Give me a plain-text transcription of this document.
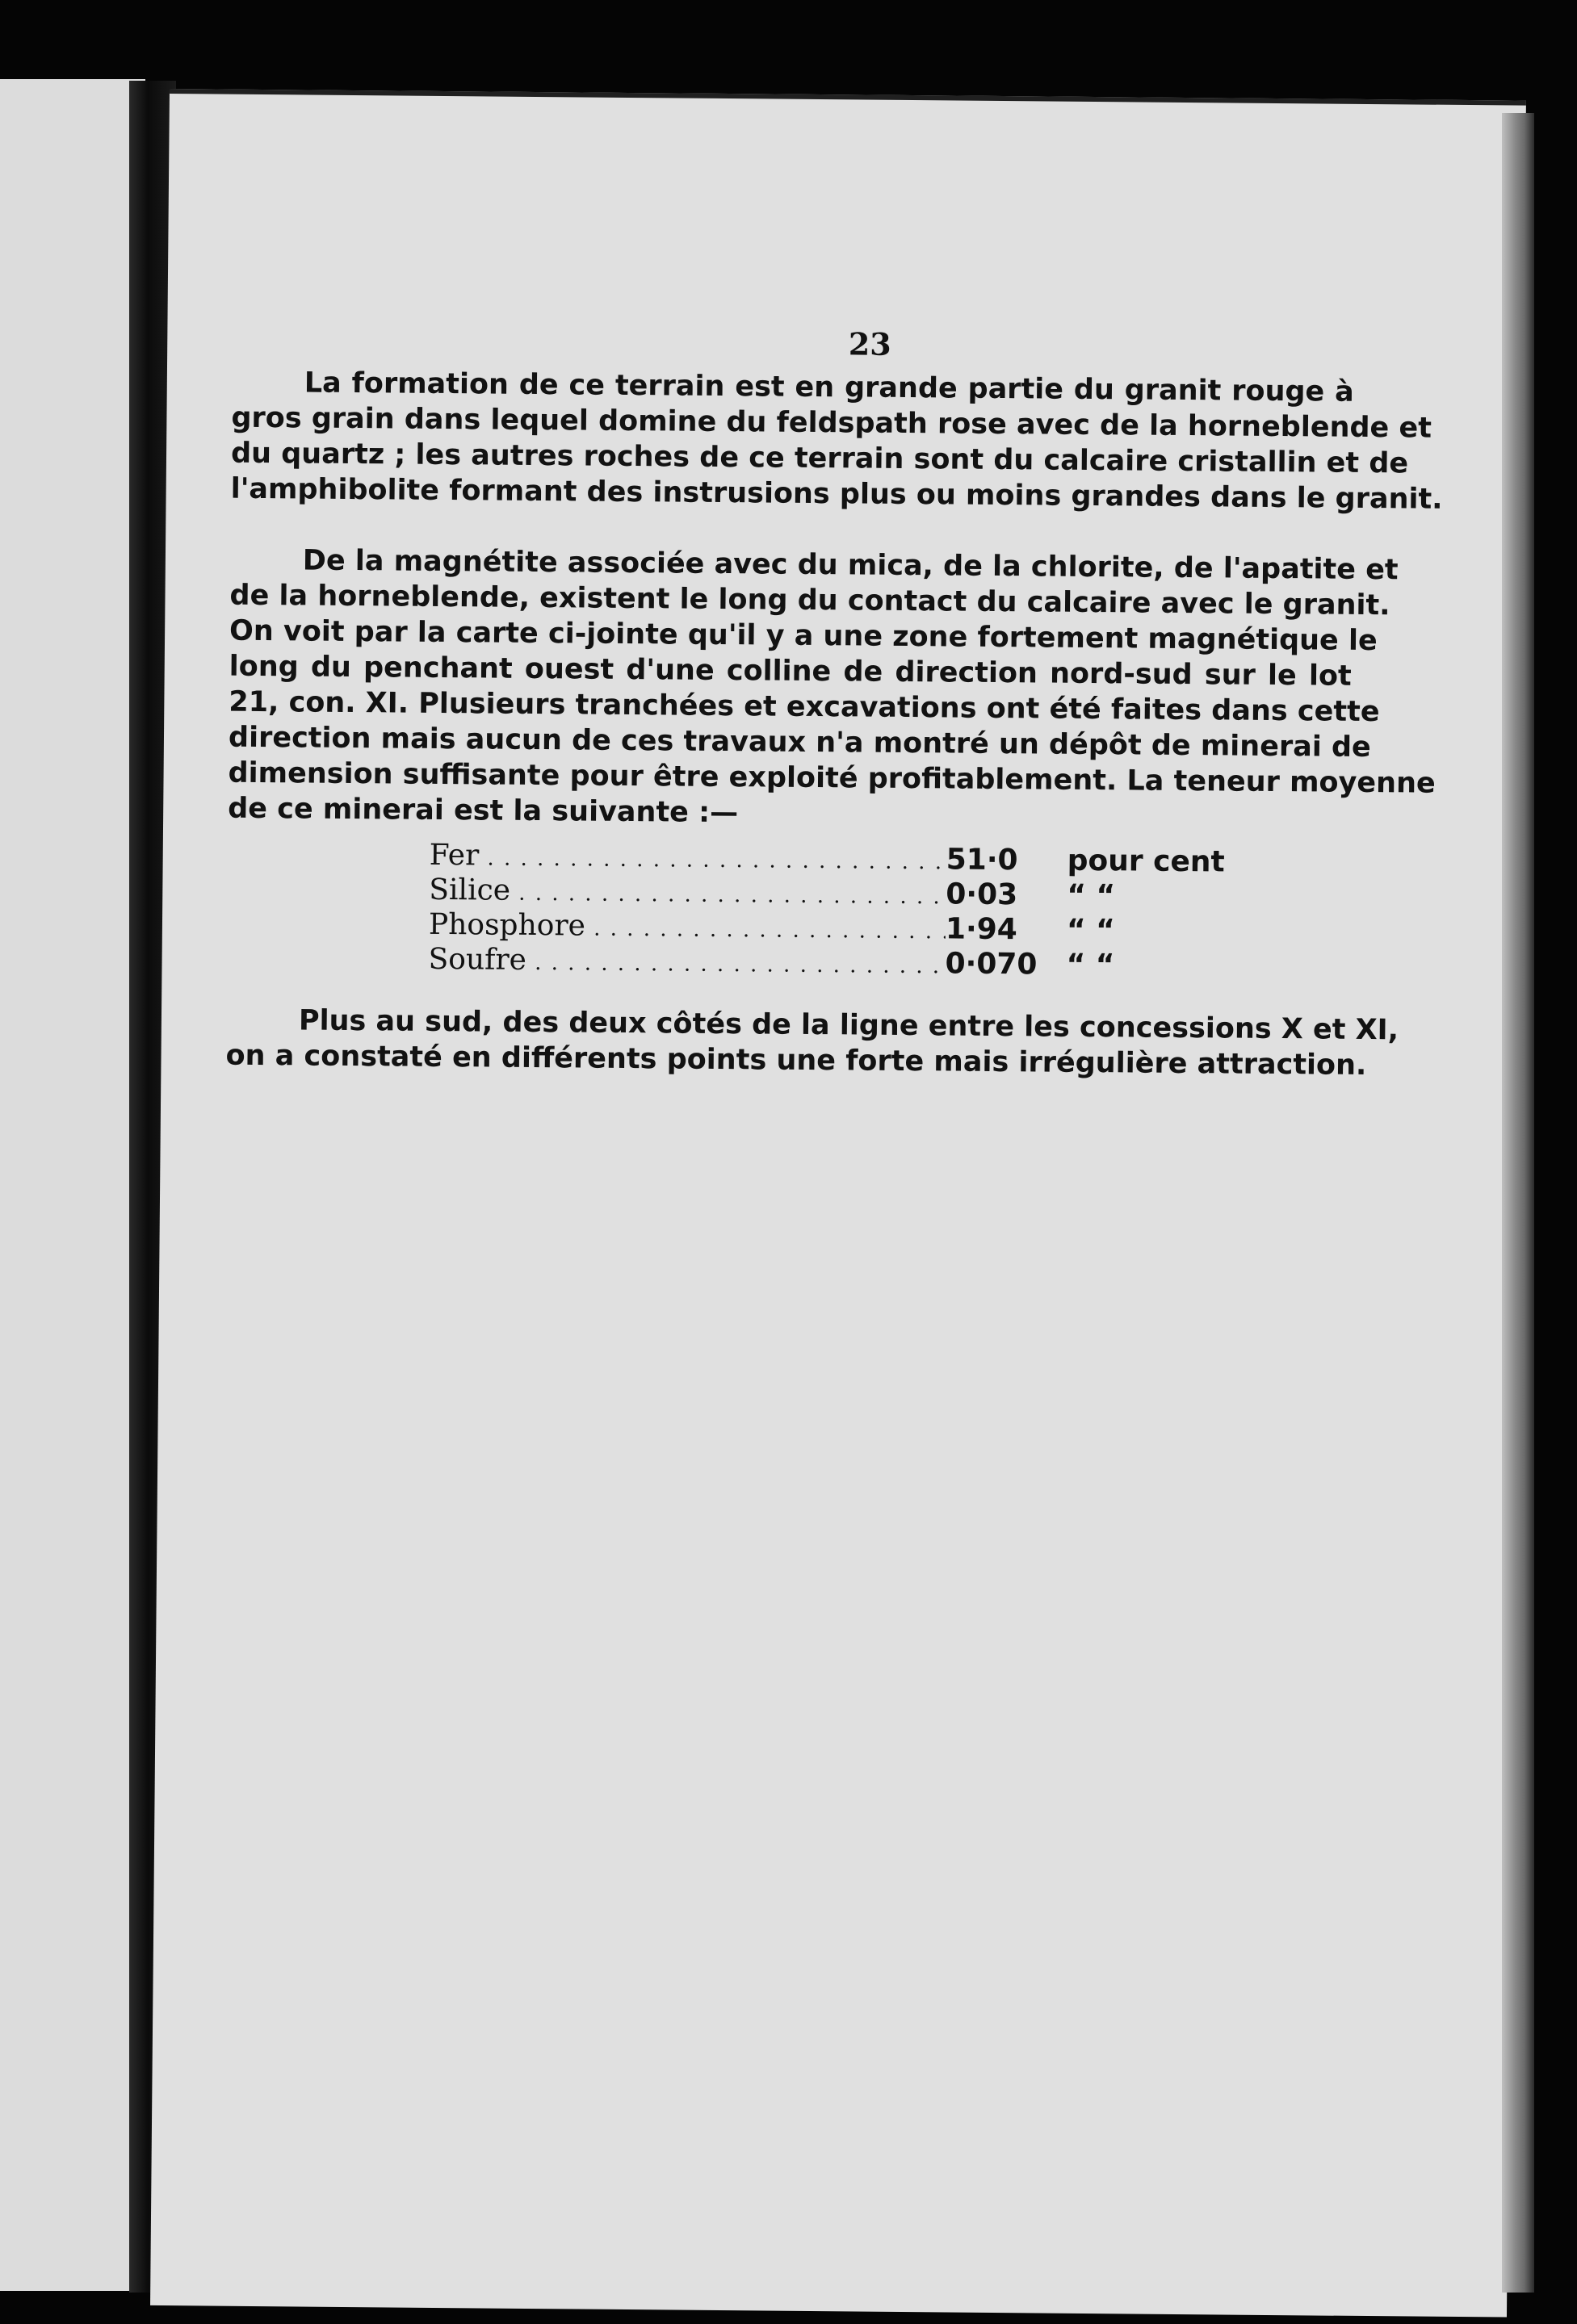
23
La formation de ce terrain est en grande partie du granit rouge à
gros grain dans lequel domine du feldspath rose avec de la horneblende et
du quartz ; les autres roches de ce terrain sont du calcaire cristallin et de
l'amphibolite formant des instrusions plus ou moins grandes dans le granit.
De la magnétite associée avec du mica, de la chlorite, de l'apatite et
de la horneblende, existent le long du contact du calcaire avec le granit.
On voit par la carte ci-jointe qu'il y a une zone fortement magnétique le
long du penchant ouest d'une colline de direction nord-sud sur le lot
21, con. XI. Plusieurs tranchées et excavations ont été faites dans cette
direction mais aucun de ces travaux n'a montré un dépôt de minerai de
dimension suffisante pour être exploité profitablement. La teneur moyenne
de ce minerai est la suivante :—
Fer . . .	51·0	pour cent
Silice . . .	0·03	“ “
Phosphore . . .	1·94	“ “
Soufre . . .	0·070 “ “
Plus au sud, des deux côtés de la ligne entre les concessions X et XI,
on a constaté en différents points une forte mais irrégulière attraction.
